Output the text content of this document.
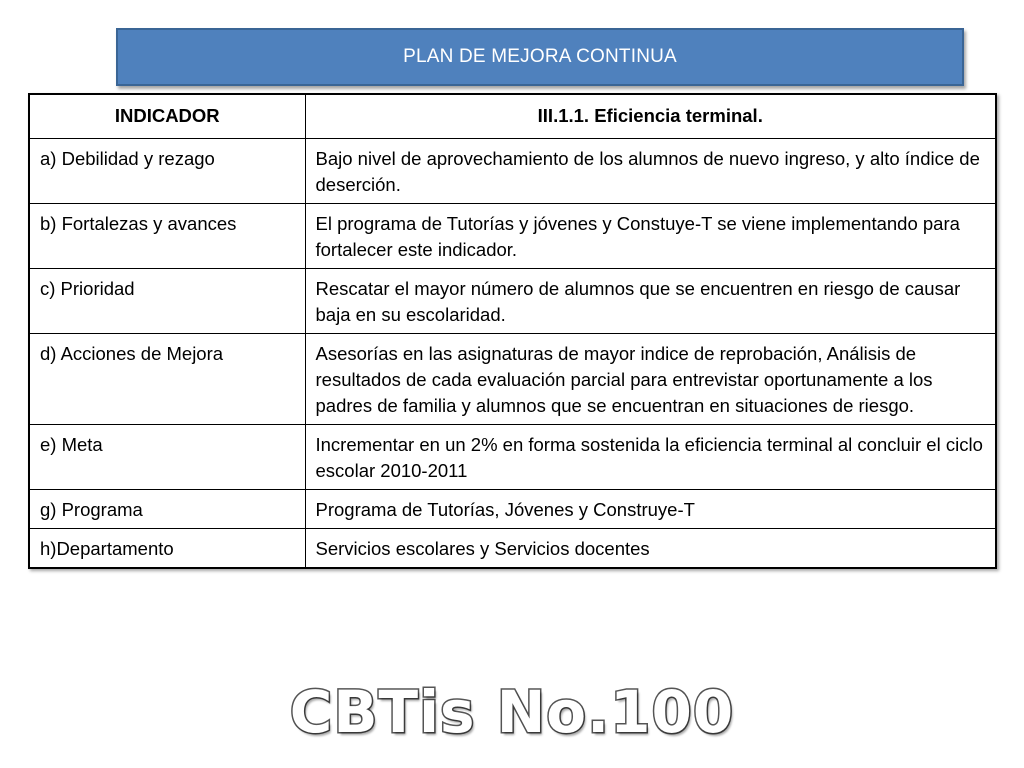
PLAN DE MEJORA CONTINUA
INDICADOR	III.1.1. Eficiencia terminal.
a) Debilidad y rezago	Bajo nivel de aprovechamiento de los alumnos de nuevo ingreso, y alto índice de deserción.
b) Fortalezas y avances	El programa de Tutorías y jóvenes y Constuye-T se viene implementando para fortalecer este indicador.
c) Prioridad	Rescatar el mayor número de alumnos que se encuentren en riesgo de causar baja en su escolaridad.
d) Acciones de Mejora	Asesorías en las asignaturas de mayor indice de reprobación, Análisis de resultados de cada evaluación parcial para entrevistar oportunamente a los padres de familia y alumnos que se encuentran en situaciones de riesgo.
e) Meta	Incrementar en un 2% en forma sostenida la eficiencia terminal al concluir el ciclo escolar 2010-2011
g) Programa	Programa de Tutorías, Jóvenes y Construye-T
h)Departamento	Servicios escolares y Servicios docentes
CBTis No.100
